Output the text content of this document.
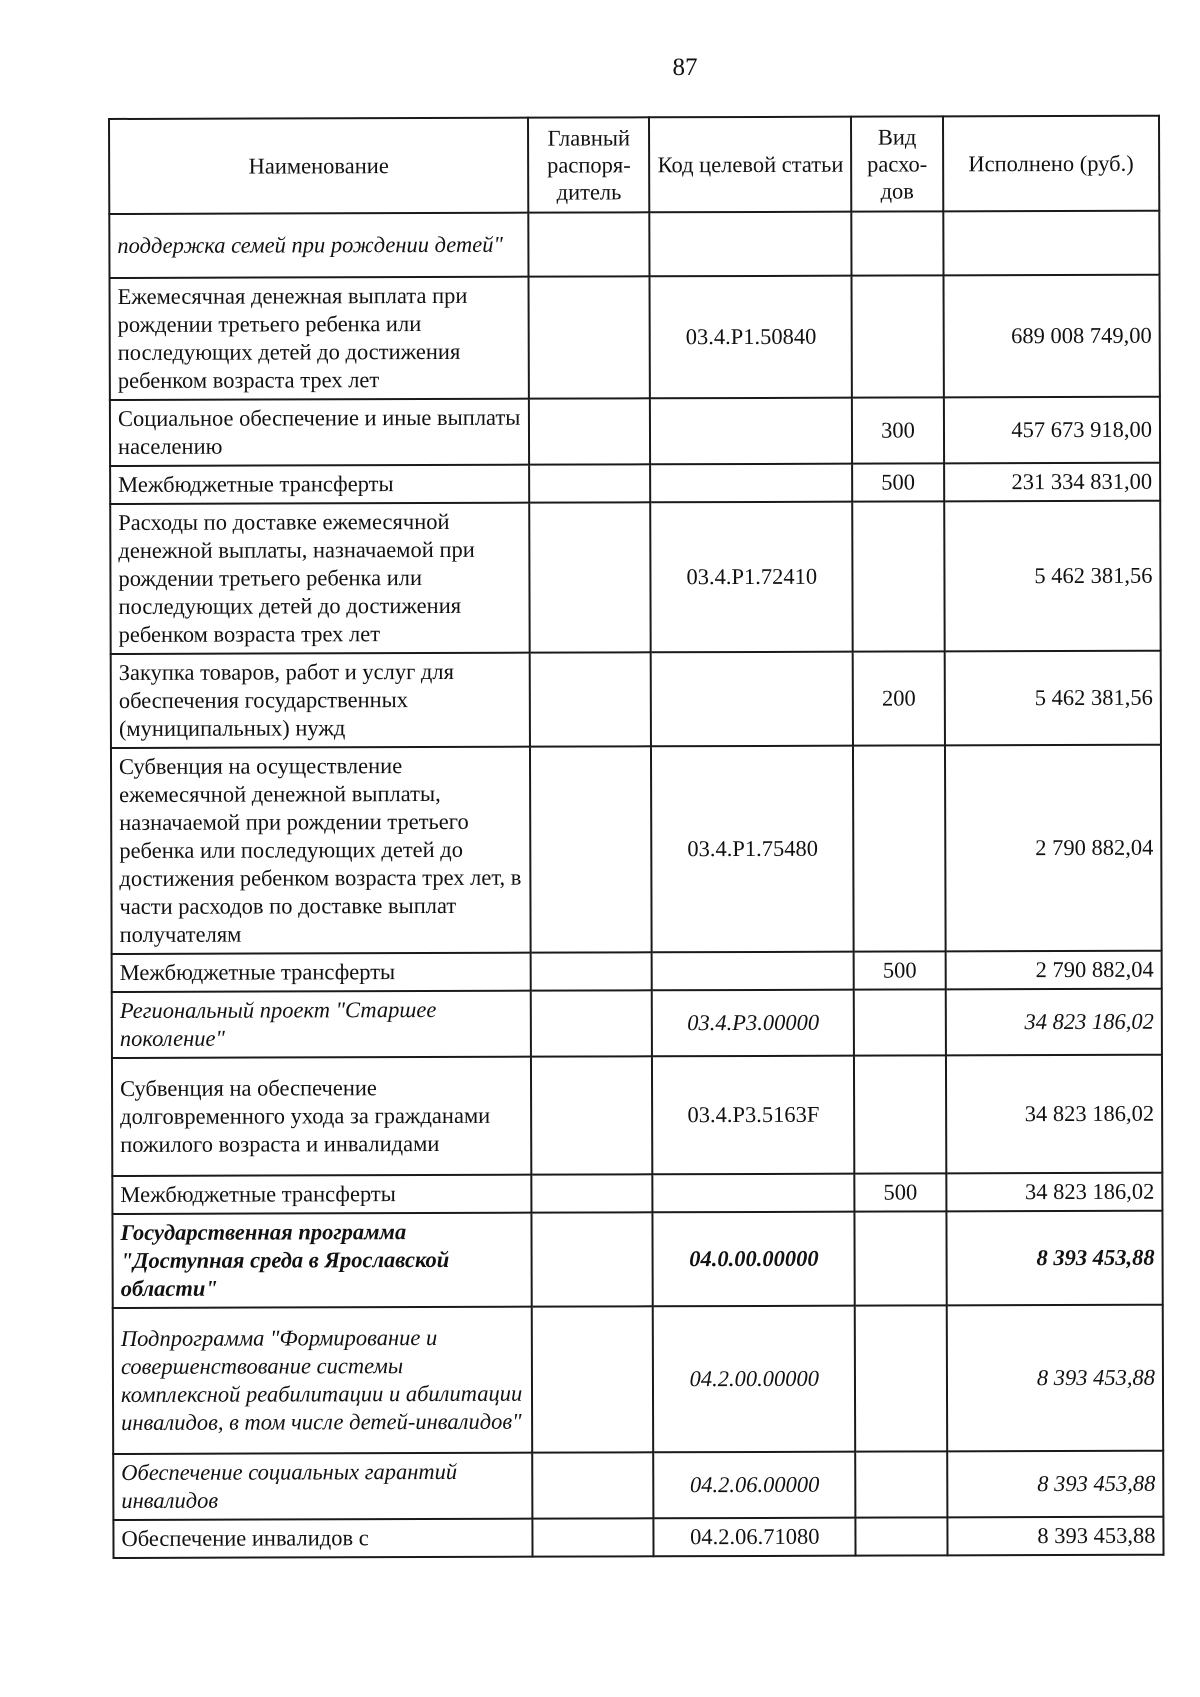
87
Наименование	Главный распоря-дитель	Код целевой статьи	Вид расхо-дов	Исполнено (руб.)
поддержка семей при рождении детей"				
Ежемесячная денежная выплата при рождении третьего ребенка или последующих детей до достижения ребенком возраста трех лет		03.4.P1.50840		689 008 749,00
Социальное обеспечение и иные выплаты населению			300	457 673 918,00
Межбюджетные трансферты			500	231 334 831,00
Расходы по доставке ежемесячной денежной выплаты, назначаемой при рождении третьего ребенка или последующих детей до достижения ребенком возраста трех лет		03.4.P1.72410		5 462 381,56
Закупка товаров, работ и услуг для обеспечения государственных (муниципальных) нужд			200	5 462 381,56
Субвенция на осуществление ежемесячной денежной выплаты, назначаемой при рождении третьего ребенка или последующих детей до достижения ребенком возраста трех лет, в части расходов по доставке выплат получателям		03.4.P1.75480		2 790 882,04
Межбюджетные трансферты			500	2 790 882,04
Региональный проект "Старшее поколение"		03.4.P3.00000		34 823 186,02
Субвенция на обеспечение долговременного ухода за гражданами пожилого возраста и инвалидами		03.4.P3.5163F		34 823 186,02
Межбюджетные трансферты			500	34 823 186,02
Государственная программа "Доступная среда в Ярославской области"		04.0.00.00000		8 393 453,88
Подпрограмма "Формирование и совершенствование системы комплексной реабилитации и абилитации инвалидов, в том числе детей-инвалидов"		04.2.00.00000		8 393 453,88
Обеспечение социальных гарантий инвалидов		04.2.06.00000		8 393 453,88
Обеспечение инвалидов с		04.2.06.71080		8 393 453,88
